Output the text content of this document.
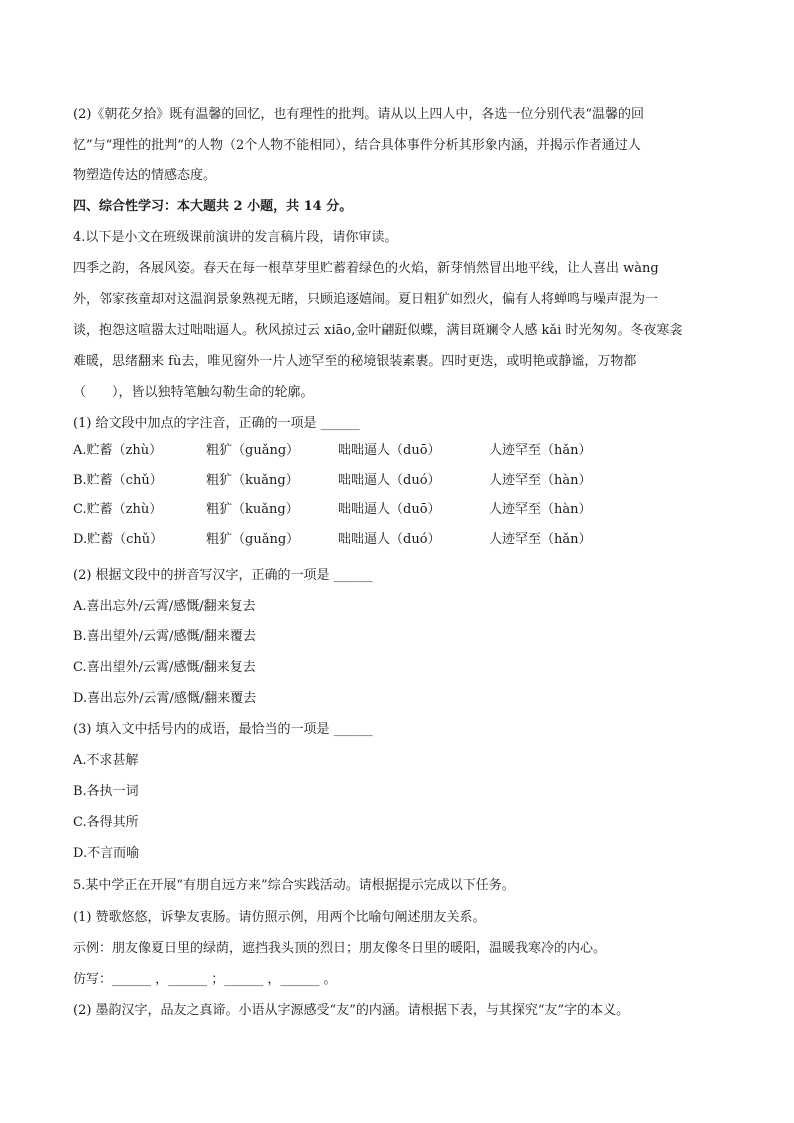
(2)《朝花夕拾》既有温馨的回忆，也有理性的批判。请从以上四人中，各选一位分别代表“温馨的回
忆”与“理性的批判”的人物（2个人物不能相同），结合具体事件分析其形象内涵，并揭示作者通过人
物塑造传达的情感态度。
四、综合性学习：本大题共 2 小题，共 14 分。
4.以下是小文在班级课前演讲的发言稿片段，请你审读。
四季之韵，各展风姿。春天在每一根草芽里贮蓄着绿色的火焰，新芽悄然冒出地平线，让人喜出 wàng
外，邻家孩童却对这温润景象熟视无睹，只顾追逐嬉闹。夏日粗犷如烈火，偏有人将蝉鸣与噪声混为一
谈，抱怨这喧嚣太过咄咄逼人。秋风掠过云 xiāo,金叶翩跹似蝶，满目斑斓令人感 kǎi 时光匆匆。冬夜寒衾
难暖，思绪翻来 fù去，唯见窗外一片人迹罕至的秘境银装素裹。四时更迭，或明艳或静谧，万物都
（　　），皆以独特笔触勾勒生命的轮廓。
(1) 给文段中加点的字注音，正确的一项是 ______
A.贮蓄（zhù）	粗犷（guǎng）	咄咄逼人（duō）	人迹罕至（hǎn）
B.贮蓄（chǔ）	粗犷（kuǎng）	咄咄逼人（duó）	人迹罕至（hàn）
C.贮蓄（zhù）	粗犷（kuǎng）	咄咄逼人（duō）	人迹罕至（hàn）
D.贮蓄（chǔ）	粗犷（guǎng）	咄咄逼人（duó）	人迹罕至（hǎn）
(2) 根据文段中的拼音写汉字，正确的一项是 ______
A.喜出忘外/云霄/感慨/翻来复去
B.喜出望外/云霄/感慨/翻来覆去
C.喜出望外/云霄/感慨/翻来复去
D.喜出忘外/云霄/感慨/翻来覆去
(3) 填入文中括号内的成语，最恰当的一项是 ______
A.不求甚解
B.各执一词
C.各得其所
D.不言而喻
5.某中学正在开展“有朋自远方来”综合实践活动。请根据提示完成以下任务。
(1) 赞歌悠悠，诉挚友衷肠。请仿照示例，用两个比喻句阐述朋友关系。
示例：朋友像夏日里的绿荫，遮挡我头顶的烈日；朋友像冬日里的暖阳，温暖我寒冷的内心。
仿写：______ ，______ ；______ ，______ 。
(2) 墨韵汉字，品友之真谛。小语从字源感受“友”的内涵。请根据下表，与其探究“友”字的本义。
